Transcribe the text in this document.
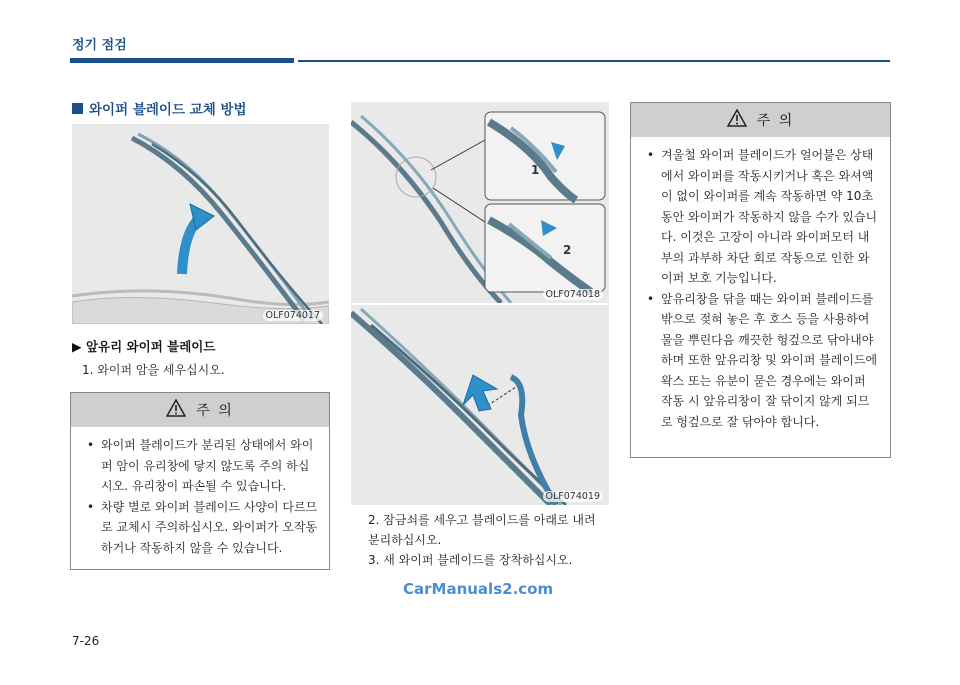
정기 점검
와이퍼 블레이드 교체 방법
OLF074017
1
2
OLF074018
OLF074019
▶ 앞유리 와이퍼 블레이드
1. 와이퍼 암을 세우십시오.
주 의
• 와이퍼 블레이드가 분리된 상태에서 와이퍼 암이 유리창에 닿지 않도록 주의 하십시오. 유리창이 파손될 수 있습니다.
• 차량 별로 와이퍼 블레이드 사양이 다르므로 교체시 주의하십시오. 와이퍼가 오작동하거나 작동하지 않을 수 있습니다.
2. 잠금쇠를 세우고 블레이드를 아래로 내려 분리하십시오.
3. 새 와이퍼 블레이드를 장착하십시오.
주 의
• 겨울철 와이퍼 블레이드가 얼어붙은 상태에서 와이퍼를 작동시키거나 혹은 와셔액이 없이 와이퍼를 계속 작동하면 약 10초동안 와이퍼가 작동하지 않을 수가 있습니다. 이것은 고장이 아니라 와이퍼모터 내부의 과부하 차단 회로 작동으로 인한 와이퍼 보호 기능입니다.
• 앞유리창을 닦을 때는 와이퍼 블레이드를 밖으로 젖혀 놓은 후 호스 등을 사용하여 물을 뿌린다음 깨끗한 헝겊으로 닦아내야 하며 또한 앞유리창 및 와이퍼 블레이드에 왁스 또는 유분이 묻은 경우에는 와이퍼 작동 시 앞유리창이 잘 닦이지 않게 되므로 헝겊으로 잘 닦아야 합니다.
CarManuals2.com
7-26
